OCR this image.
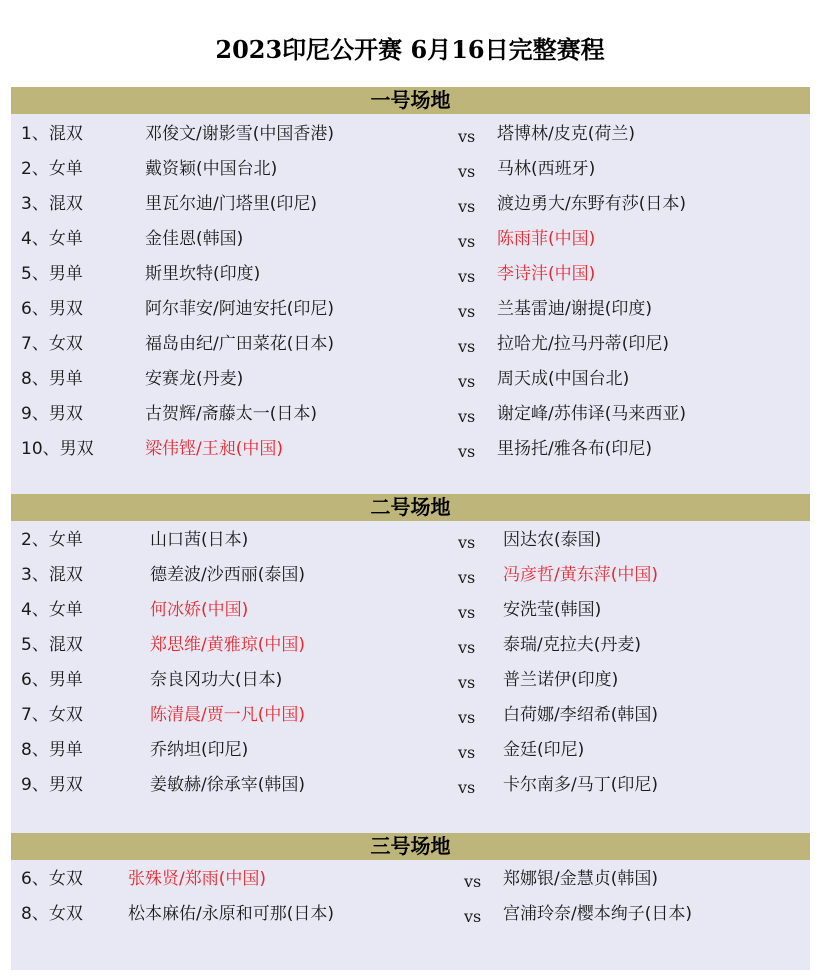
2023印尼公开赛 6月16日完整赛程
一号场地
1、混双	邓俊文/谢影雪(中国香港)	vs 塔博林/皮克(荷兰)
2、女单	戴资颖(中国台北)	vs 马林(西班牙)
3、混双	里瓦尔迪/门塔里(印尼)	vs 渡边勇大/东野有莎(日本)
4、女单	金佳恩(韩国)	vs 陈雨菲(中国)
5、男单	斯里坎特(印度)	vs 李诗沣(中国)
6、男双	阿尔菲安/阿迪安托(印尼)	vs 兰基雷迪/谢提(印度)
7、女双	福岛由纪/广田菜花(日本)	vs 拉哈尤/拉马丹蒂(印尼)
8、男单	安赛龙(丹麦)	vs 周天成(中国台北)
9、男双	古贺辉/斋藤太一(日本)	vs 谢定峰/苏伟译(马来西亚)
10、男双	梁伟铿/王昶(中国)	vs 里扬托/雅各布(印尼)
二号场地
2、女单	山口茜(日本)	vs 因达农(泰国)
3、混双	德差波/沙西丽(泰国)	vs 冯彦哲/黄东萍(中国)
4、女单	何冰娇(中国)	vs 安洗莹(韩国)
5、混双	郑思维/黄雅琼(中国)	vs 泰瑞/克拉夫(丹麦)
6、男单	奈良冈功大(日本)	vs 普兰诺伊(印度)
7、女双	陈清晨/贾一凡(中国)	vs 白荷娜/李绍希(韩国)
8、男单	乔纳坦(印尼)	vs 金廷(印尼)
9、男双	姜敏赫/徐承宰(韩国)	vs 卡尔南多/马丁(印尼)
三号场地
6、女双	张殊贤/郑雨(中国)	vs 郑娜银/金慧贞(韩国)
8、女双	松本麻佑/永原和可那(日本)	vs 宫浦玲奈/樱本绚子(日本)
